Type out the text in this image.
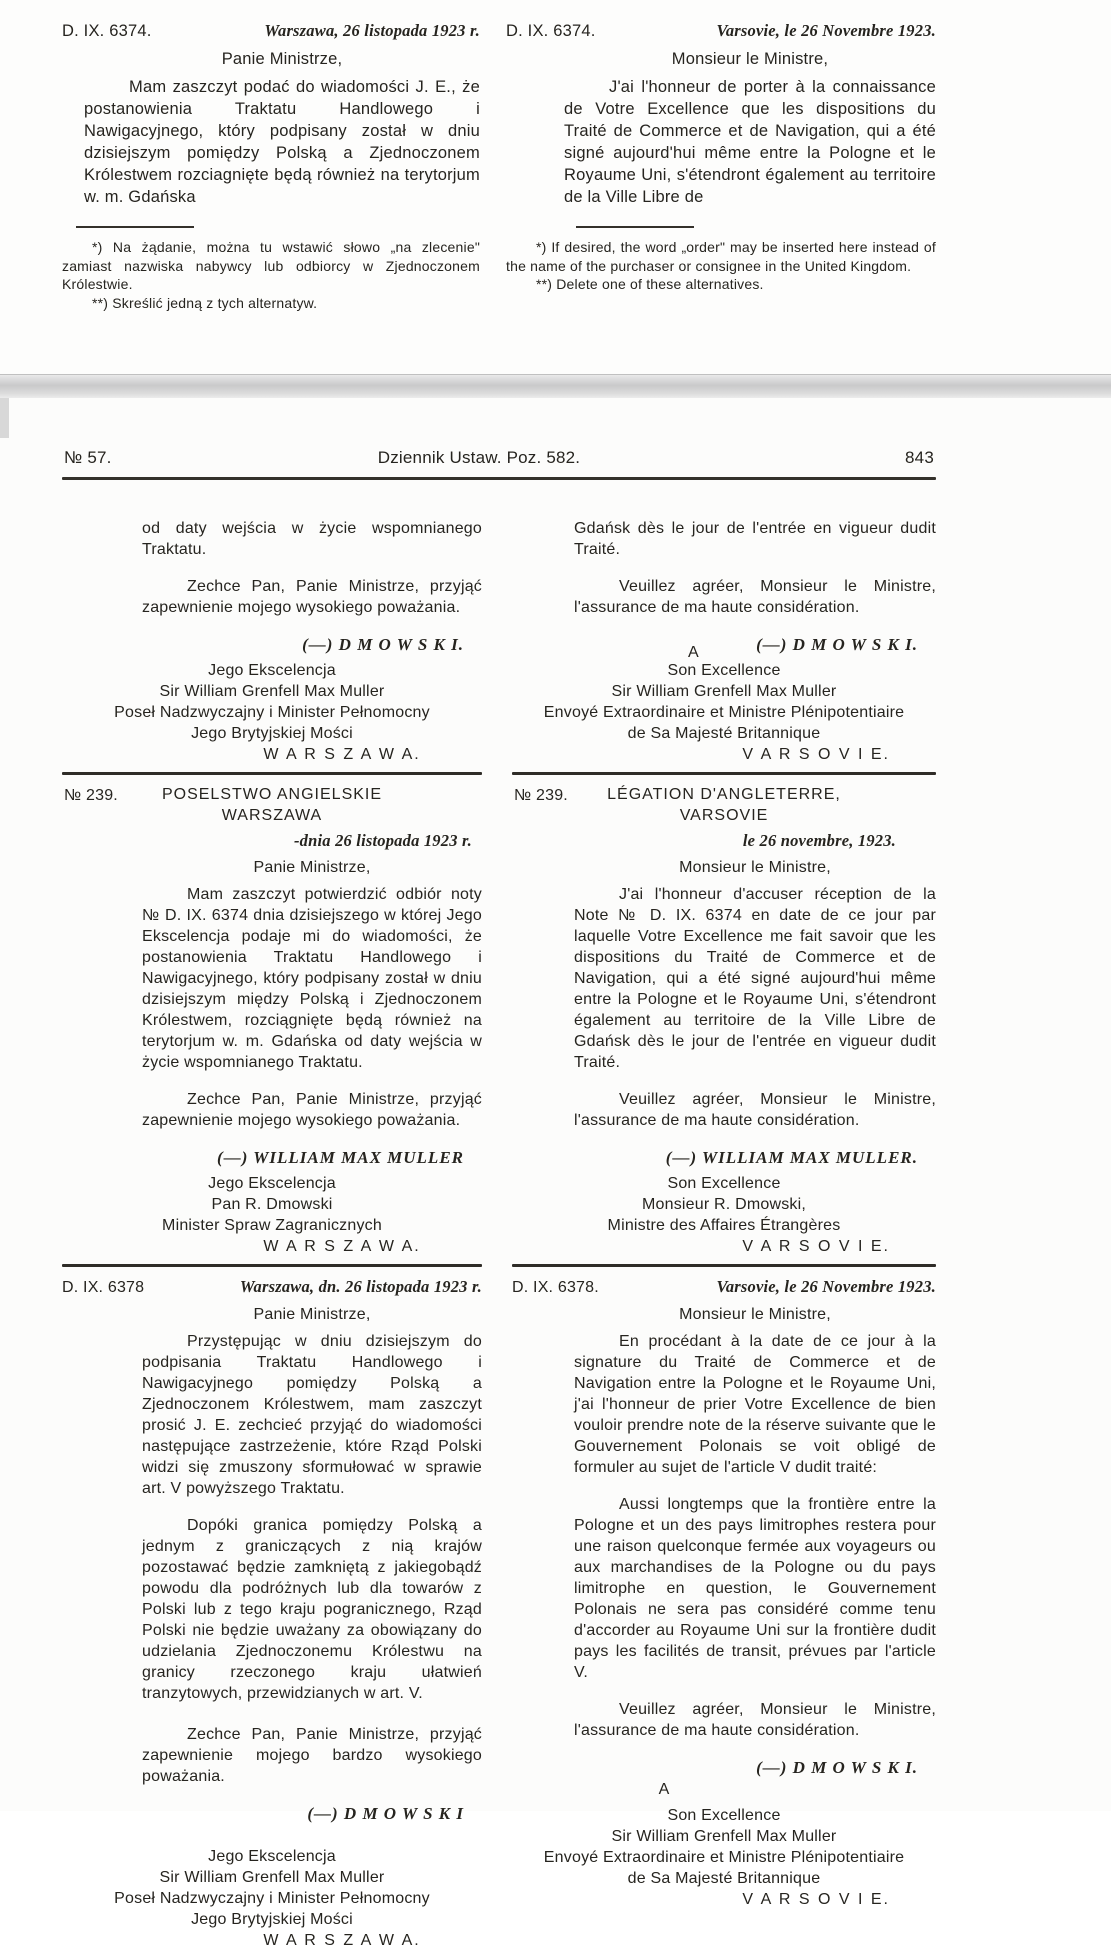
D. IX. 6374.	Warszawa, 26 listopada 1923 r.
Panie Ministrze,

Mam zaszczyt podać do wiadomości J. E., że postanowienia Traktatu Handlowego i Nawigacyjnego, który podpisany został w dniu dzisiejszym pomiędzy Polską a Zjednoczonem Królestwem rozciagnięte będą również na terytorjum w. m. Gdańska

*) Na żądanie, można tu wstawić słowo „na zlecenie" zamiast nazwiska nabywcy lub odbiorcy w Zjednoczonem Królestwie.

**) Skreślić jedną z tych alternatyw.

D. IX. 6374.	Varsovie, le 26 Novembre 1923.
Monsieur le Ministre,

J'ai l'honneur de porter à la connaissance de Votre Excellence que les dispositions du Traité de Commerce et de Navigation, qui a été signé aujourd'hui même entre la Pologne et le Royaume Uni, s'étendront également au territoire de la Ville Libre de

*) If desired, the word „order" may be inserted here instead of the name of the purchaser or consignee in the United Kingdom.

**) Delete one of these alternatives.

№ 57.	Dziennik Ustaw. Poz. 582.	843

od daty wejścia w życie wspomnianego Traktatu.

Zechce Pan, Panie Ministrze, przyjąć zapewnienie mojego wysokiego poważania.

(—) D M O W S K I.
Jego Ekscelencja
Sir William Grenfell Max Muller
Poseł Nadzwyczajny i Minister Pełnomocny
Jego Brytyjskiej Mości
W A R S Z A W A.
№ 239.	POSELSTWO ANGIELSKIE
WARSZAWA
-dnia 26 listopada 1923 r.
Panie Ministrze,

Mam zaszczyt potwierdzić odbiór noty № D. IX. 6374 dnia dzisiejszego w której Jego Ekscelencja podaje mi do wiadomości, że postanowienia Traktatu Handlowego i Nawigacyjnego, który podpisany został w dniu dzisiejszym między Polską i Zjednoczonem Królestwem, rozciągnięte będą również na terytorjum w. m. Gdańska od daty wejścia w życie wspomnianego Traktatu.

Zechce Pan, Panie Ministrze, przyjąć zapewnienie mojego wysokiego poważania.

(—) WILLIAM MAX MULLER
Jego Ekscelencja
Pan R. Dmowski
Minister Spraw Zagranicznych
W A R S Z A W A.
D. IX. 6378	Warszawa, dn. 26 listopada 1923 r.
Panie Ministrze,

Przystępując w dniu dzisiejszym do podpisania Traktatu Handlowego i Nawigacyjnego pomiędzy Polską a Zjednoczonem Królestwem, mam zaszczyt prosić J. E. zechcieć przyjąć do wiadomości następujące zastrzeżenie, które Rząd Polski widzi się zmuszony sformułować w sprawie art. V powyższego Traktatu.

Dopóki granica pomiędzy Polską a jednym z graniczących z nią krajów pozostawać będzie zamkniętą z jakiegobądź powodu dla podróżnych lub dla towarów z Polski lub z tego kraju pogranicznego, Rząd Polski nie będzie uważany za obowiązany do udzielania Zjednoczonemu Królestwu na granicy rzeczonego kraju ułatwień tranzytowych, przewidzianych w art. V.

Zechce Pan, Panie Ministrze, przyjąć zapewnienie mojego bardzo wysokiego poważania.

(—) D M O W S K I
Jego Ekscelencja
Sir William Grenfell Max Muller
Poseł Nadzwyczajny i Minister Pełnomocny
Jego Brytyjskiej Mości
W A R S Z A W A.

Gdańsk dès le jour de l'entrée en vigueur dudit Traité.

Veuillez agréer, Monsieur le Ministre, l'assurance de ma haute considération.

A	(—) D M O W S K I.
Son Excellence
Sir William Grenfell Max Muller
Envoyé Extraordinaire et Ministre Plénipotentiaire
de Sa Majesté Britannique
V A R S O V I E.
№ 239.	LÉGATION D'ANGLETERRE,
VARSOVIE
le 26 novembre, 1923.
Monsieur le Ministre,

J'ai l'honneur d'accuser réception de la Note № D. IX. 6374 en date de ce jour par laquelle Votre Excellence me fait savoir que les dispositions du Traité de Commerce et de Navigation, qui a été signé aujourd'hui même entre la Pologne et le Royaume Uni, s'étendront également au territoire de la Ville Libre de Gdańsk dès le jour de l'entrée en vigueur dudit Traité.

Veuillez agréer, Monsieur le Ministre, l'assurance de ma haute considération.

(—) WILLIAM MAX MULLER.
Son Excellence
Monsieur R. Dmowski,
Ministre des Affaires Étrangères
V A R S O V I E.
D. IX. 6378.	Varsovie, le 26 Novembre 1923.
Monsieur le Ministre,

En procédant à la date de ce jour à la signature du Traité de Commerce et de Navigation entre la Pologne et le Royaume Uni, j'ai l'honneur de prier Votre Excellence de bien vouloir prendre note de la réserve suivante que le Gouvernement Polonais se voit obligé de formuler au sujet de l'article V dudit traité:

Aussi longtemps que la frontière entre la Pologne et un des pays limitrophes restera pour une raison quelconque fermée aux voyageurs ou aux marchandises de la Pologne ou du pays limitrophe en question, le Gouvernement Polonais ne sera pas considéré comme tenu d'accorder au Royaume Uni sur la frontière dudit pays les facilités de transit, prévues par l'article V.

Veuillez agréer, Monsieur le Ministre, l'assurance de ma haute considération.

(—) D M O W S K I.
A
Son Excellence
Sir William Grenfell Max Muller
Envoyé Extraordinaire et Ministre Plénipotentiaire
de Sa Majesté Britannique
V A R S O V I E.
